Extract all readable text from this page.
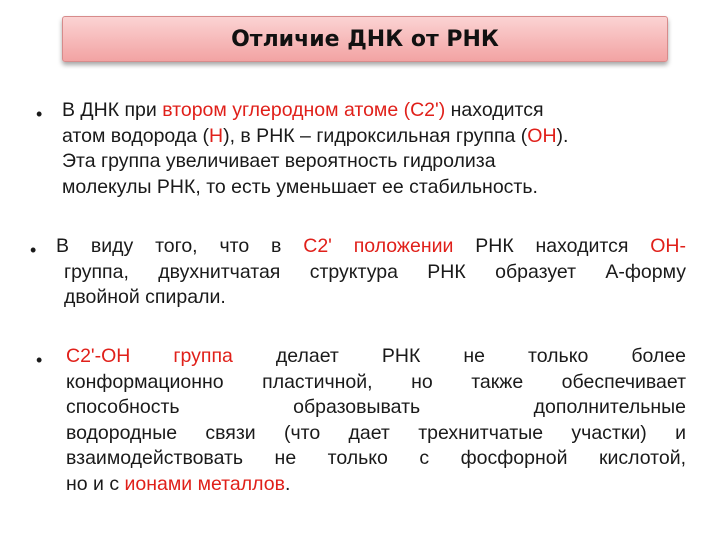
Отличие ДНК от РНК
• В ДНК при втором углеродном атоме (С2') находится
атом водорода (Н), в РНК – гидроксильная группа (ОН).
Эта группа увеличивает вероятность гидролиза
молекулы РНК, то есть уменьшает ее стабильность.
• В виду того, что в С2' положении РНК находится ОН-
группа, двухнитчатая структура РНК образует А-форму
двойной спирали.
• С2'-ОН группа делает РНК не только более
конформационно пластичной, но также обеспечивает
способность образовывать дополнительные
водородные связи (что дает трехнитчатые участки) и
взаимодействовать не только с фосфорной кислотой,
но и с ионами металлов.
